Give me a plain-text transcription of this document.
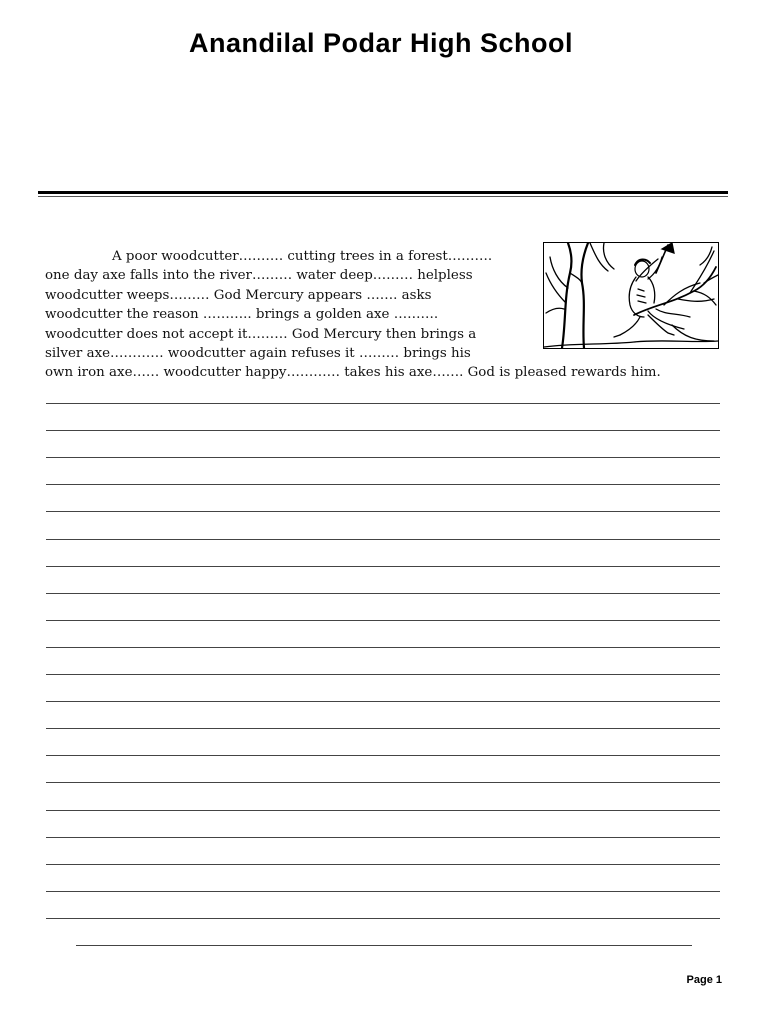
Anandilal Podar High School
A poor woodcutter………. cutting trees in a forest……….
one day axe falls into the river……… water deep……… helpless
woodcutter weeps……… God Mercury appears ……. asks
woodcutter the reason ……….. brings a golden axe ……….
woodcutter does not accept it……… God Mercury then brings a
silver axe………… woodcutter again refuses it ……… brings his
own iron axe…… woodcutter happy………… takes his axe……. God is pleased rewards him.
Page 1
